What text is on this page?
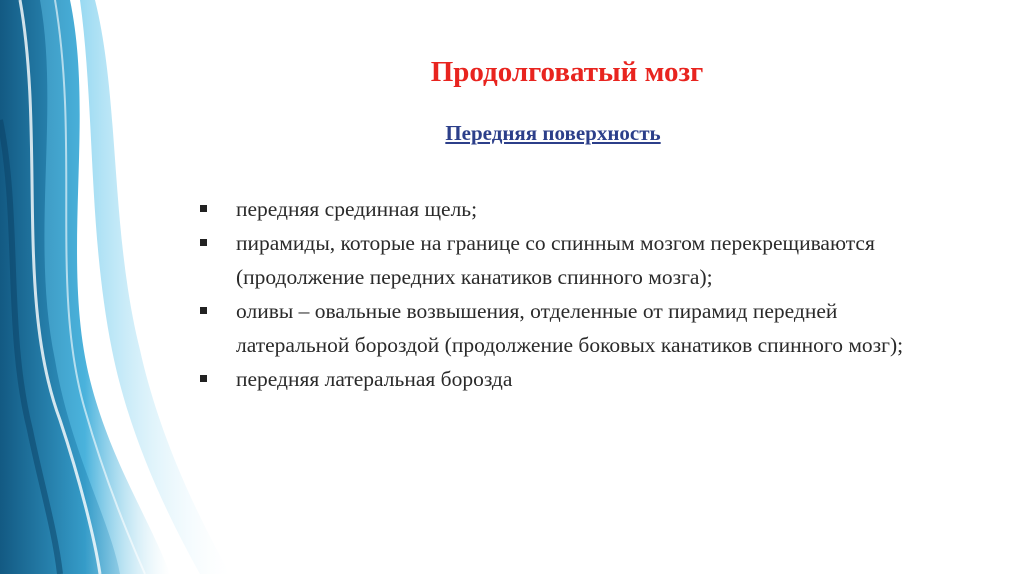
Продолговатый мозг
Передняя поверхность
передняя срединная щель;
пирамиды, которые на границе со спинным мозгом перекрещиваются (продолжение передних канатиков спинного мозга);
оливы – овальные возвышения, отделенные от пирамид передней латеральной бороздой (продолжение боковых канатиков спинного мозг);
передняя латеральная борозда
